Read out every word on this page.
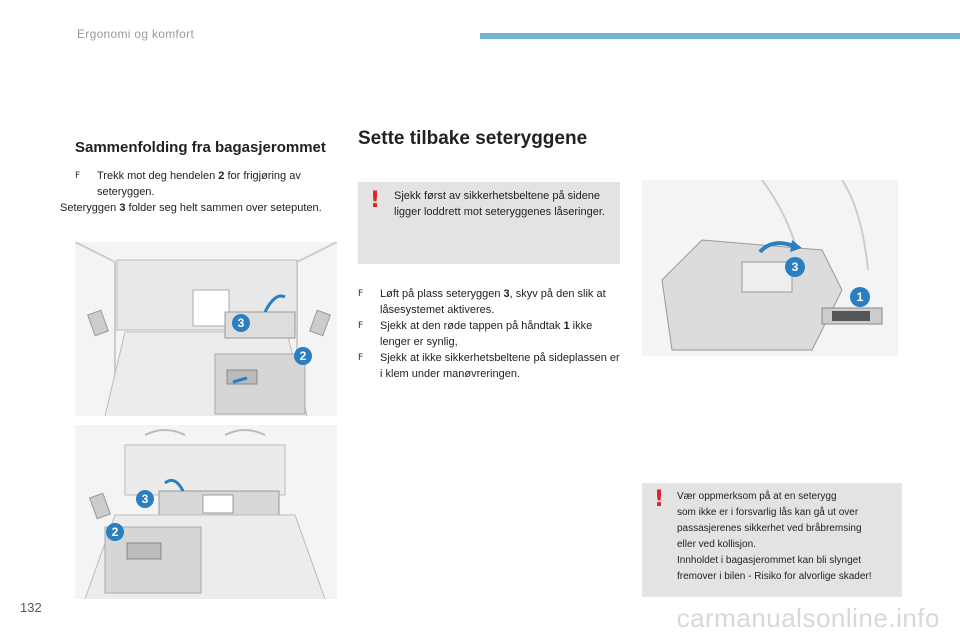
Ergonomi og komfort
Sammenfolding fra bagasjerommet
F Trekk mot deg hendelen 2 for frigjøring av seteryggen.
Seteryggen 3 folder seg helt sammen over seteputen.
3
2
3
2
Sette tilbake seteryggene
! Sjekk først av sikkerhetsbeltene på sidene ligger loddrett mot seteryggenes låseringer.
F Løft på plass seteryggen 3, skyv på den slik at låsesystemet aktiveres.
F Sjekk at den røde tappen på håndtak 1 ikke lenger er synlig,
F Sjekk at ikke sikkerhetsbeltene på sideplassen er i klem under manøvreringen.
3
1
! Vær oppmerksom på at en seterygg
som ikke er i forsvarlig lås kan gå ut over
passasjerenes sikkerhet ved bråbremsing
eller ved kollisjon.
Innholdet i bagasjerommet kan bli slynget
fremover i bilen - Risiko for alvorlige skader!
132	carmanualsonline.info
